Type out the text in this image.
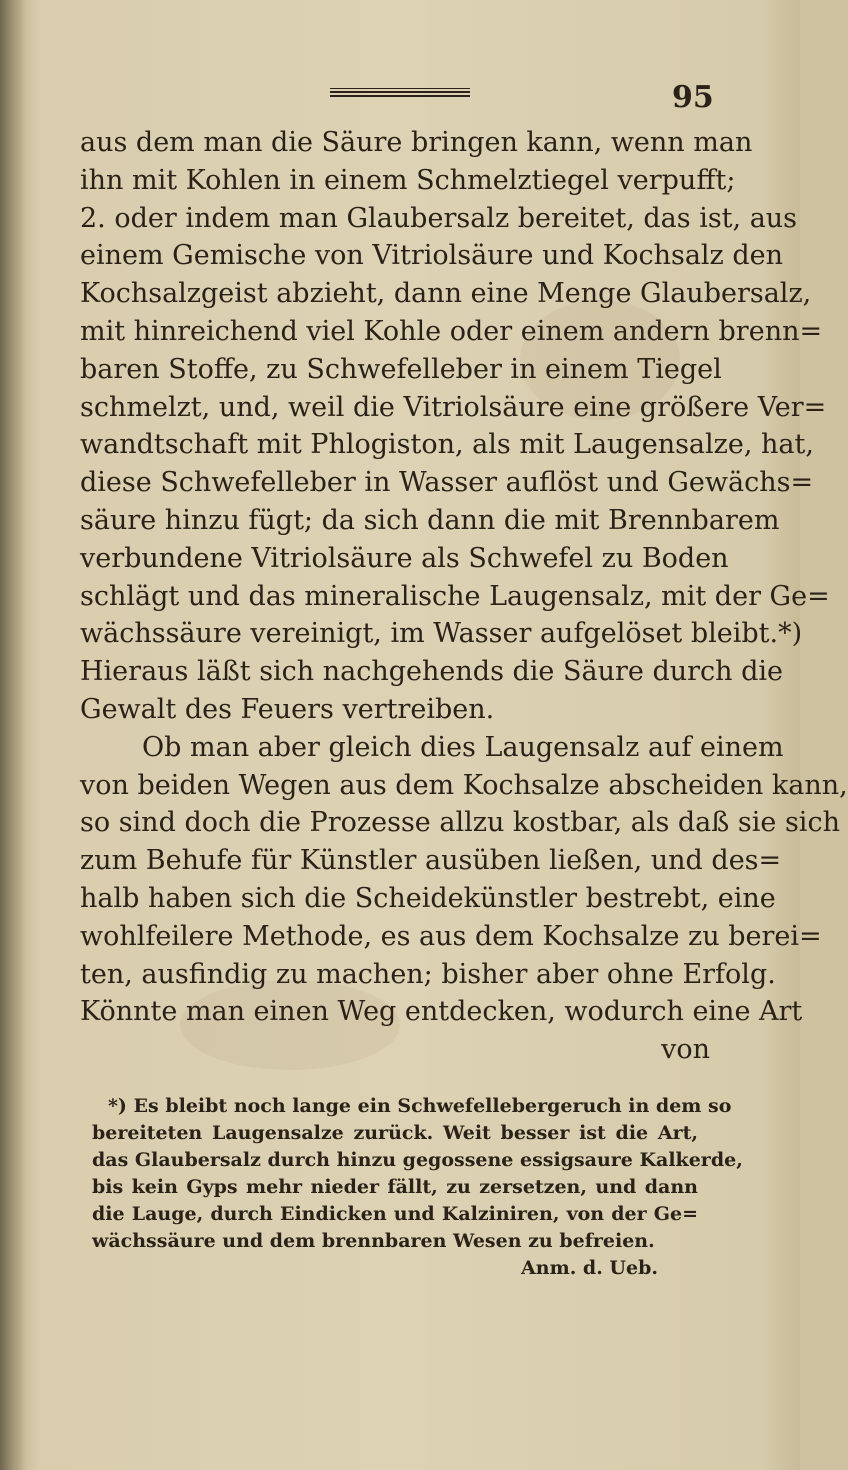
95
aus dem man die Säure bringen kann, wenn man
ihn mit Kohlen in einem Schmelztiegel verpufft;
2. oder indem man Glaubersalz bereitet, das ist, aus
einem Gemische von Vitriolsäure und Kochsalz den
Kochsalzgeist abzieht, dann eine Menge Glaubersalz,
mit hinreichend viel Kohle oder einem andern brenn=
baren Stoffe, zu Schwefelleber in einem Tiegel
schmelzt, und, weil die Vitriolsäure eine größere Ver=
wandtschaft mit Phlogiston, als mit Laugensalze, hat,
diese Schwefelleber in Wasser auflöst und Gewächs=
säure hinzu fügt; da sich dann die mit Brennbarem
verbundene Vitriolsäure als Schwefel zu Boden
schlägt und das mineralische Laugensalz, mit der Ge=
wächssäure vereinigt, im Wasser aufgelöset bleibt.*)
Hieraus läßt sich nachgehends die Säure durch die
Gewalt des Feuers vertreiben.
Ob man aber gleich dies Laugensalz auf einem
von beiden Wegen aus dem Kochsalze abscheiden kann,
so sind doch die Prozesse allzu kostbar, als daß sie sich
zum Behufe für Künstler ausüben ließen, und des=
halb haben sich die Scheidekünstler bestrebt, eine
wohlfeilere Methode, es aus dem Kochsalze zu berei=
ten, ausfindig zu machen; bisher aber ohne Erfolg.
Könnte man einen Weg entdecken, wodurch eine Art
von
*) Es bleibt noch lange ein Schwefellebergeruch in dem so
bereiteten Laugensalze zurück. Weit besser ist die Art,
das Glaubersalz durch hinzu gegossene essigsaure Kalkerde,
bis kein Gyps mehr nieder fällt, zu zersetzen, und dann
die Lauge, durch Eindicken und Kalziniren, von der Ge=
wächssäure und dem brennbaren Wesen zu befreien.
Anm. d. Ueb.
